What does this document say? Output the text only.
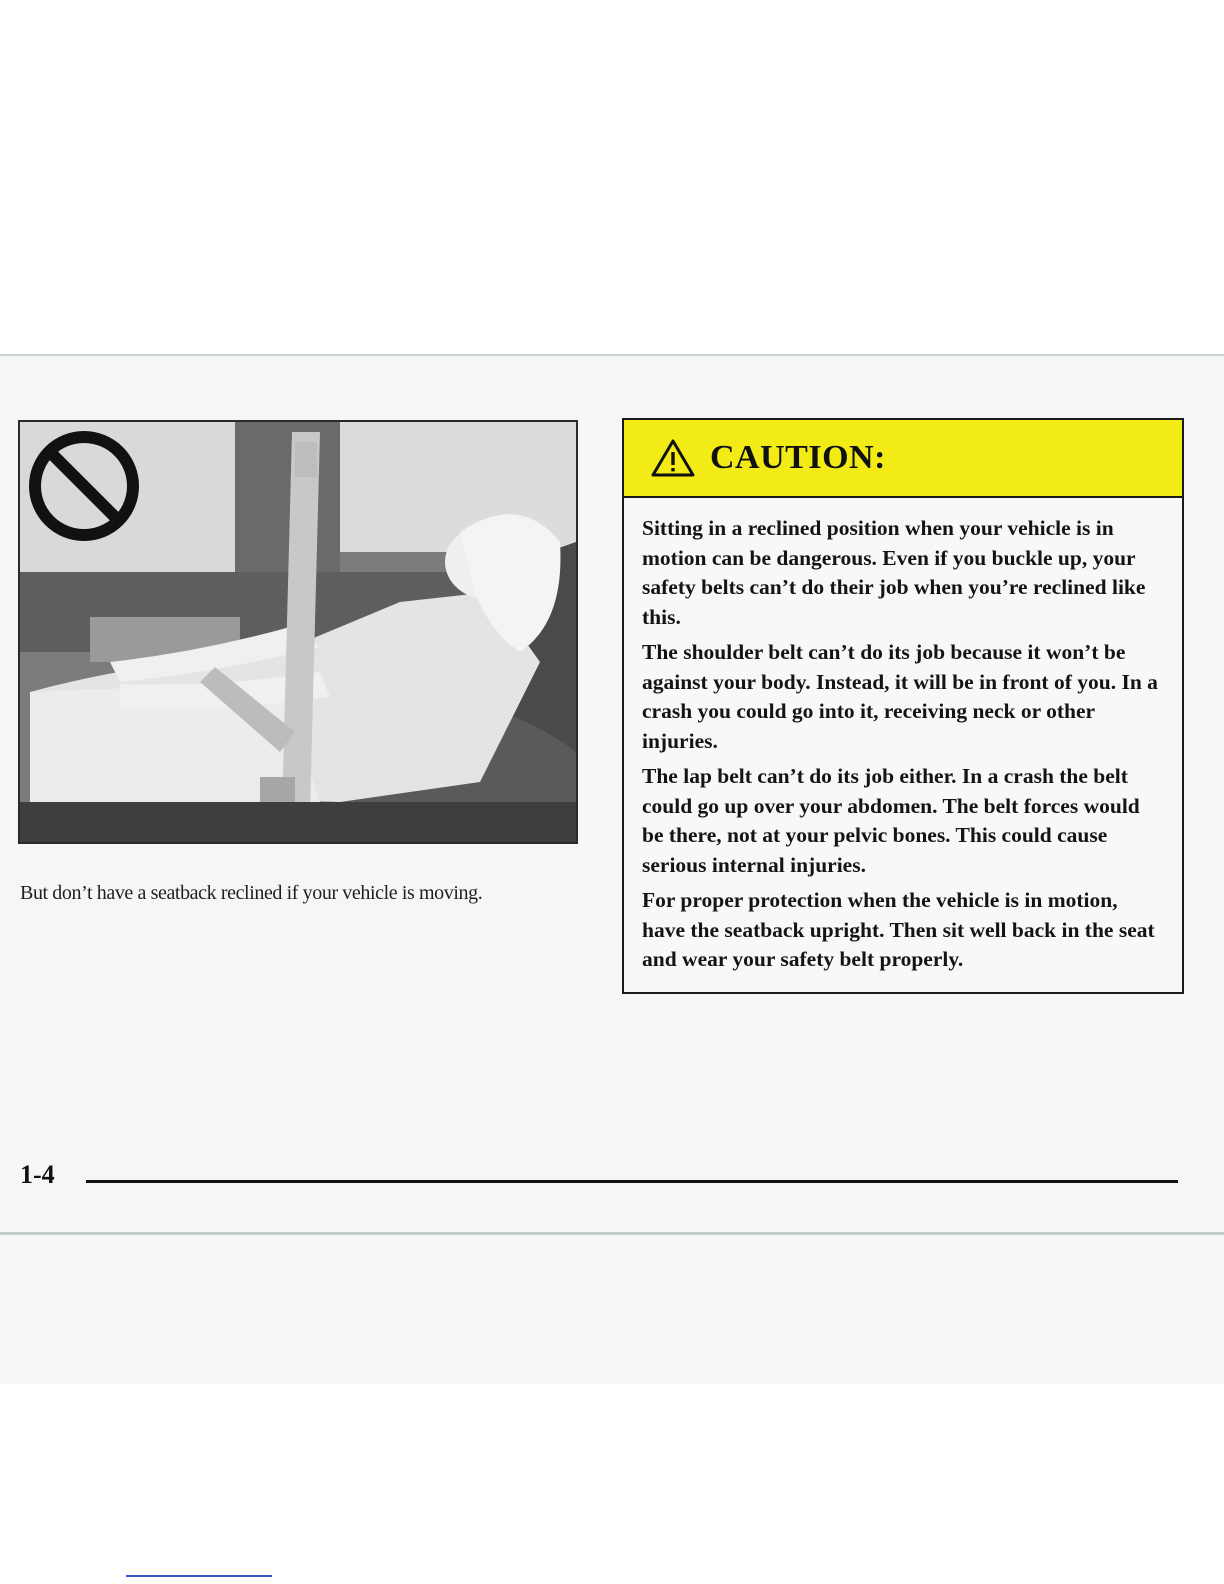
But don’t have a seatback reclined if your vehicle is moving.
CAUTION:

Sitting in a reclined position when your vehicle is in motion can be dangerous. Even if you buckle up, your safety belts can’t do their job when you’re reclined like this.

The shoulder belt can’t do its job because it won’t be against your body. Instead, it will be in front of you. In a crash you could go into it, receiving neck or other injuries.

The lap belt can’t do its job either. In a crash the belt could go up over your abdomen. The belt forces would be there, not at your pelvic bones. This could cause serious internal injuries.

For proper protection when the vehicle is in motion, have the seatback upright. Then sit well back in the seat and wear your safety belt properly.

1-4
